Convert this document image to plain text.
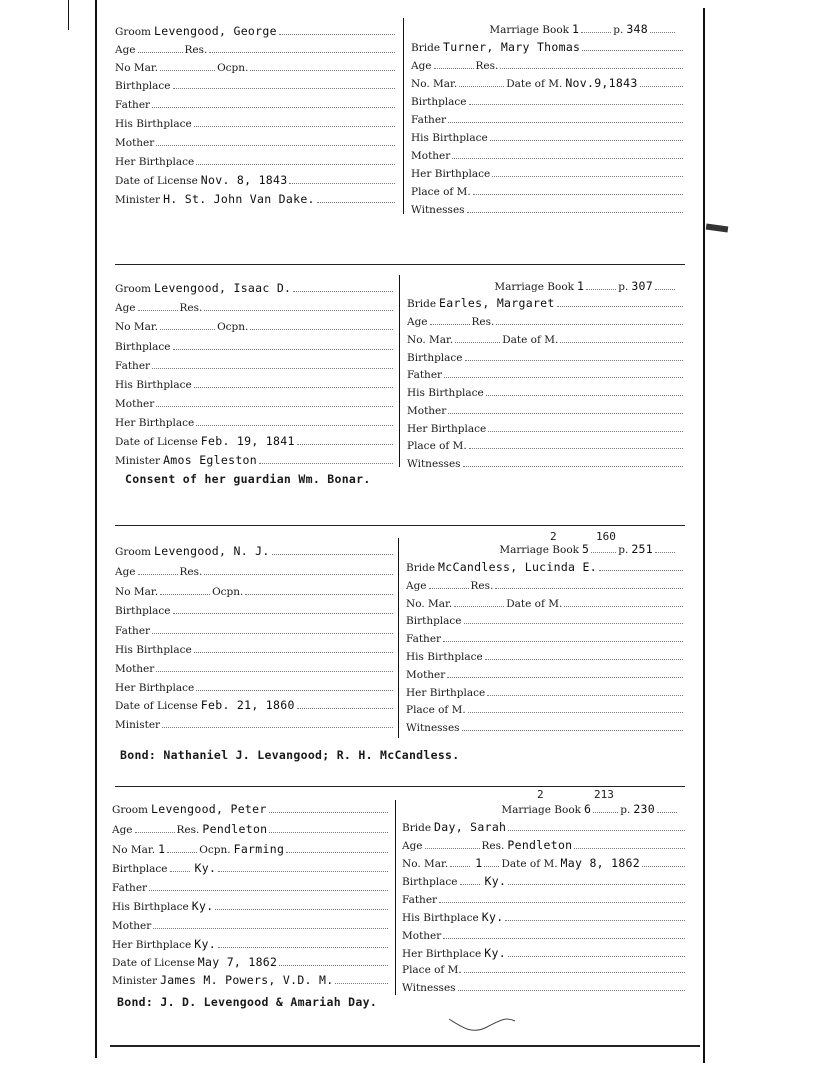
Groom Levengood, George
Age	Res.
No Mar.	Ocpn.
Birthplace
Father
His Birthplace
Mother
Her Birthplace
Date of License Nov. 8, 1843
Minister H. St. John Van Dake.
Marriage Book 1	p. 348
Bride Turner, Mary Thomas
Age	Res.
No. Mar.	Date of M. Nov.9,1843
Birthplace
Father
His Birthplace
Mother
Her Birthplace
Place of M.
Witnesses
Groom Levengood, Isaac D.
Age	Res.
No Mar.	Ocpn.
Birthplace
Father
His Birthplace
Mother
Her Birthplace
Date of License Feb. 19, 1841
Minister Amos Egleston
Marriage Book 1	p. 307
Bride Earles, Margaret
Age	Res.
No. Mar.	Date of M.
Birthplace
Father
His Birthplace
Mother
Her Birthplace
Place of M.
Witnesses
Consent of her guardian Wm. Bonar.
2	160
Groom Levengood, N. J.
Age	Res.
No Mar.	Ocpn.
Birthplace
Father
His Birthplace
Mother
Her Birthplace
Date of License Feb. 21, 1860
Minister
Marriage Book 5	p. 251
Bride McCandless, Lucinda E.
Age	Res.
No. Mar.	Date of M.
Birthplace
Father
His Birthplace
Mother
Her Birthplace
Place of M.
Witnesses
Bond: Nathaniel J. Levangood; R. H. McCandless.
2	213
Groom Levengood, Peter
Age	Res. Pendleton
No Mar. 1	Ocpn. Farming
Birthplace Ky.
Father
His Birthplace Ky.
Mother
Her Birthplace Ky.
Date of License May 7, 1862
Minister James M. Powers, V.D. M.
Marriage Book 6	p. 230
Bride Day, Sarah
Age	Res. Pendleton
No. Mar. 1 Date of M. May 8, 1862
Birthplace Ky.
Father
His Birthplace Ky.
Mother
Her Birthplace Ky.
Place of M.
Witnesses
Bond: J. D. Levengood & Amariah Day.
